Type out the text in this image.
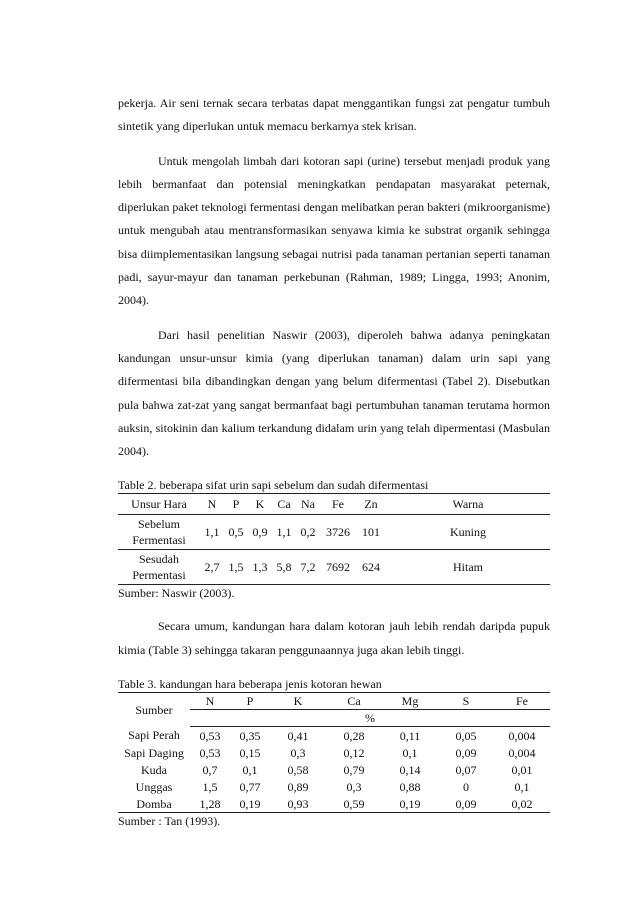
pekerja. Air seni ternak secara terbatas dapat menggantikan fungsi zat pengatur tumbuh sintetik yang diperlukan untuk memacu berkarnya stek krisan.

Untuk mengolah limbah dari kotoran sapi (urine) tersebut menjadi produk yang lebih bermanfaat dan potensial meningkatkan pendapatan masyarakat peternak, diperlukan paket teknologi fermentasi dengan melibatkan peran bakteri (mikroorganisme) untuk mengubah atau mentransformasikan senyawa kimia ke substrat organik sehingga bisa diimplementasikan langsung sebagai nutrisi pada tanaman pertanian seperti tanaman padi, sayur-mayur dan tanaman perkebunan (Rahman, 1989; Lingga, 1993; Anonim, 2004).

Dari hasil penelitian Naswir (2003), diperoleh bahwa adanya peningkatan kandungan unsur-unsur kimia (yang diperlukan tanaman) dalam urin sapi yang difermentasi bila dibandingkan dengan yang belum difermentasi (Tabel 2). Disebutkan pula bahwa zat-zat yang sangat bermanfaat bagi pertumbuhan tanaman terutama hormon auksin, sitokinin dan kalium terkandung didalam urin yang telah dipermentasi (Masbulan 2004).

Table 2. beberapa sifat urin sapi sebelum dan sudah difermentasi
Unsur Hara	N	P	K	Ca	Na	Fe	Zn	Warna

Sebelum
Fermentasi	1,1	0,5	0,9	1,1	0,2	3726	101	Kuning

Sesudah
Permentasi	2,7	1,5	1,3	5,8	7,2	7692	624	Hitam
Sumber: Naswir (2003).

Secara umum, kandungan hara dalam kotoran jauh lebih rendah daripda pupuk kimia (Table 3) sehingga takaran penggunaannya juga akan lebih tinggi.

Table 3. kandungan hara beberapa jenis kotoran hewan
Sumber	N	P	K	Ca	Mg	S	Fe
	%						
Sapi Perah	0,53	0,35	0,41	0,28	0,11	0,05	0,004
Sapi Daging	0,53	0,15	0,3	0,12	0,1	0,09	0,004
Kuda	0,7	0,1	0,58	0,79	0,14	0,07	0,01
Unggas	1,5	0,77	0,89	0,3	0,88	0	0,1
Domba	1,28	0,19	0,93	0,59	0,19	0,09	0,02
Sumber : Tan (1993).
